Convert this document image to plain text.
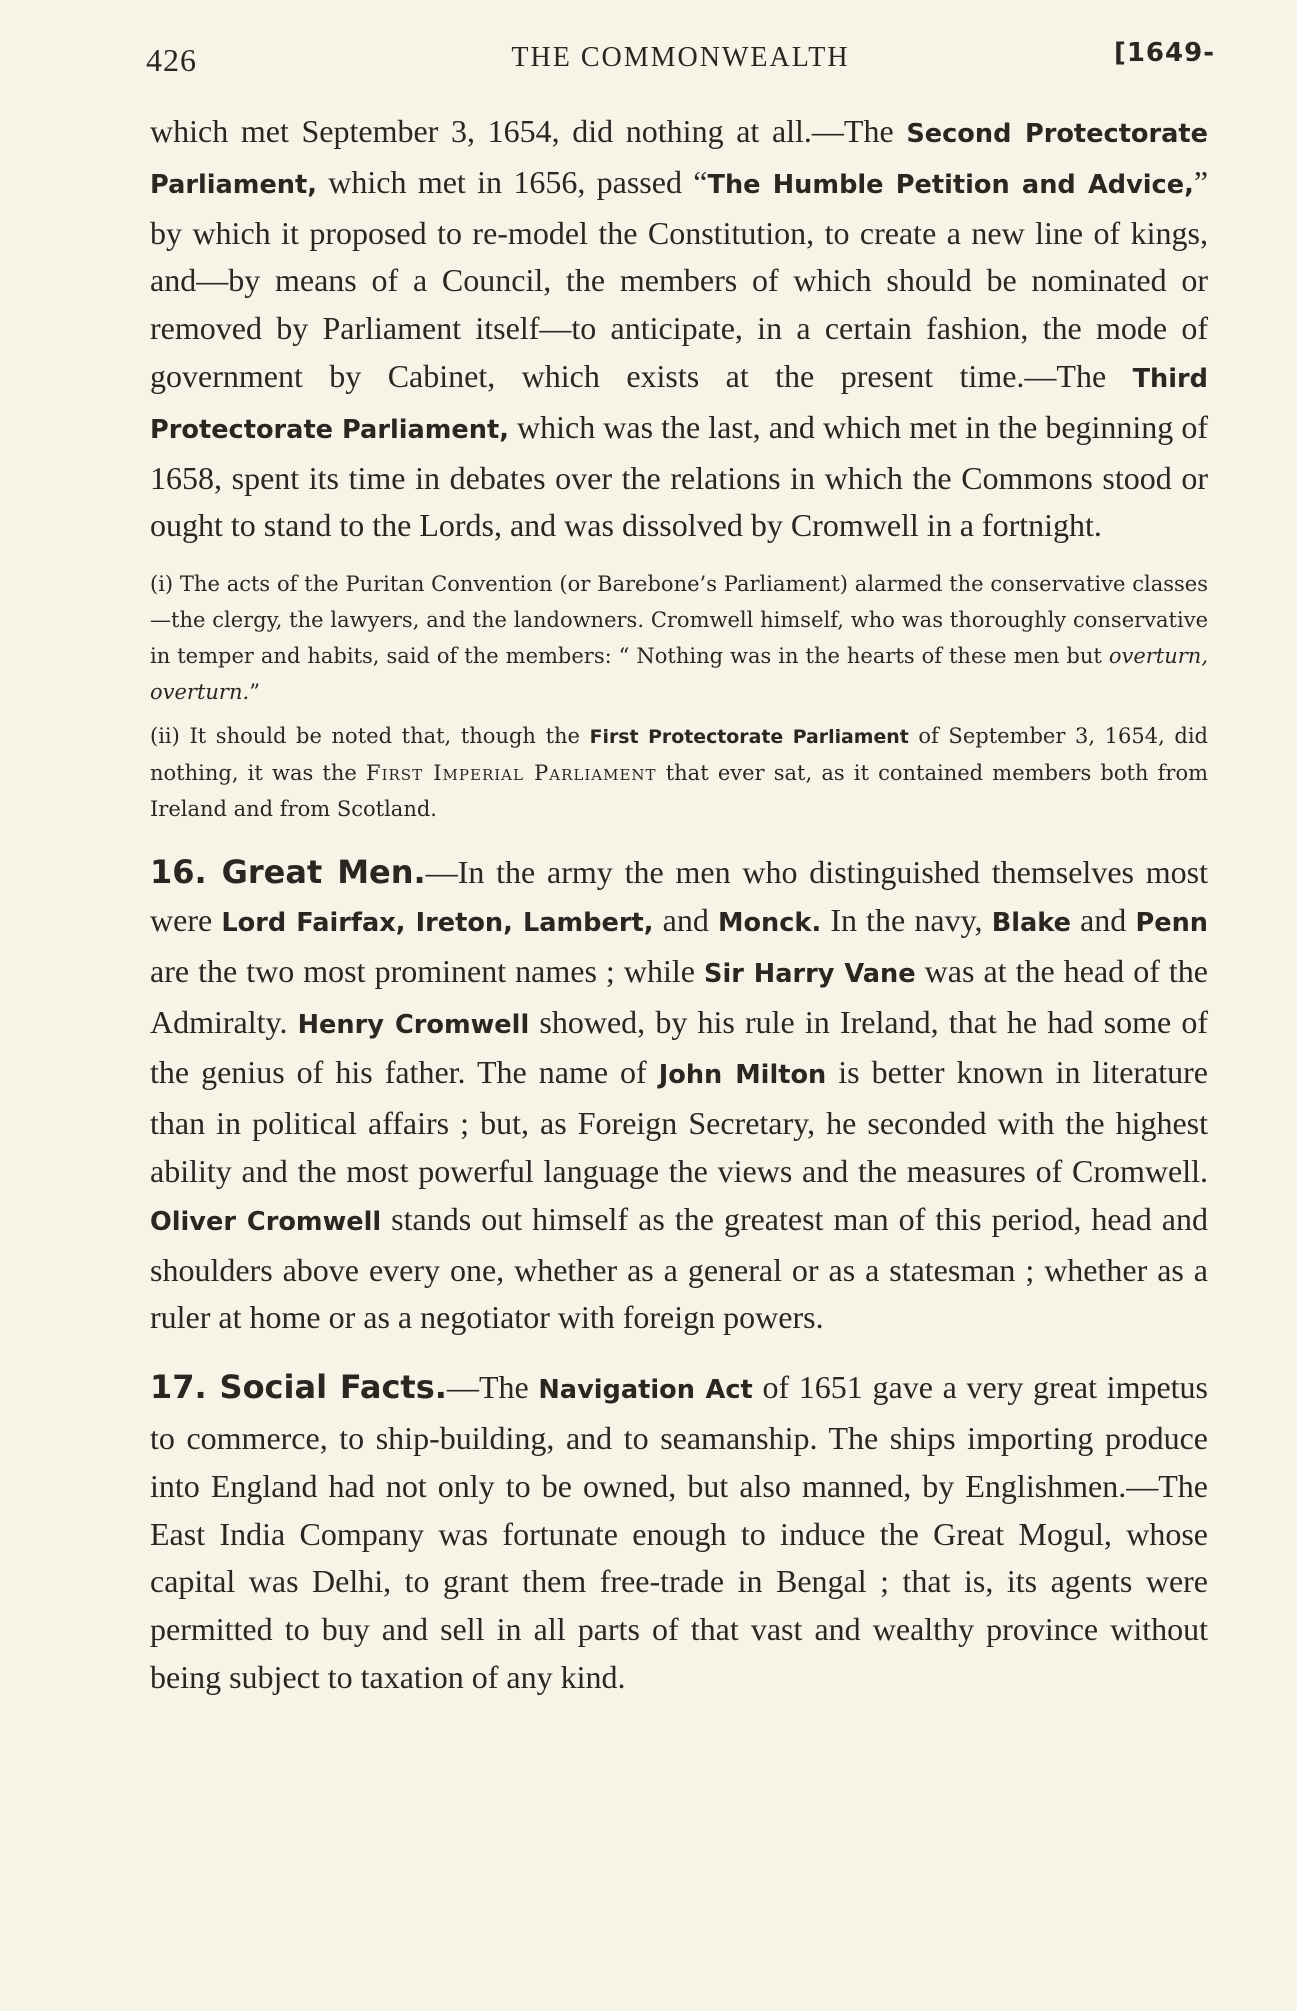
426	THE COMMONWEALTH	[1649-

which met September 3, 1654, did nothing at all.—The Second Protectorate Parliament, which met in 1656, passed “The Humble Petition and Advice,” by which it proposed to re-model the Constitution, to create a new line of kings, and—by means of a Council, the members of which should be nominated or removed by Parliament itself—to anticipate, in a certain fashion, the mode of government by Cabinet, which exists at the present time.—The Third Protectorate Parliament, which was the last, and which met in the beginning of 1658, spent its time in debates over the relations in which the Commons stood or ought to stand to the Lords, and was dissolved by Cromwell in a fortnight.

(i) The acts of the Puritan Convention (or Barebone’s Parliament) alarmed the conservative classes—the clergy, the lawyers, and the landowners. Cromwell himself, who was thoroughly conservative in temper and habits, said of the members: “ Nothing was in the hearts of these men but overturn, overturn.”

(ii) It should be noted that, though the First Protectorate Parliament of September 3, 1654, did nothing, it was the First Imperial Parliament that ever sat, as it contained members both from Ireland and from Scotland.

16. Great Men.—In the army the men who distinguished themselves most were Lord Fairfax, Ireton, Lambert, and Monck. In the navy, Blake and Penn are the two most prominent names ; while Sir Harry Vane was at the head of the Admiralty. Henry Cromwell showed, by his rule in Ireland, that he had some of the genius of his father. The name of John Milton is better known in literature than in political affairs ; but, as Foreign Secretary, he seconded with the highest ability and the most powerful language the views and the measures of Cromwell. Oliver Cromwell stands out himself as the greatest man of this period, head and shoulders above every one, whether as a general or as a statesman ; whether as a ruler at home or as a negotiator with foreign powers.

17. Social Facts.—The Navigation Act of 1651 gave a very great impetus to commerce, to ship-building, and to seamanship. The ships importing produce into England had not only to be owned, but also manned, by Englishmen.—The East India Company was fortunate enough to induce the Great Mogul, whose capital was Delhi, to grant them free-trade in Bengal ; that is, its agents were permitted to buy and sell in all parts of that vast and wealthy province without being subject to taxation of any kind.
